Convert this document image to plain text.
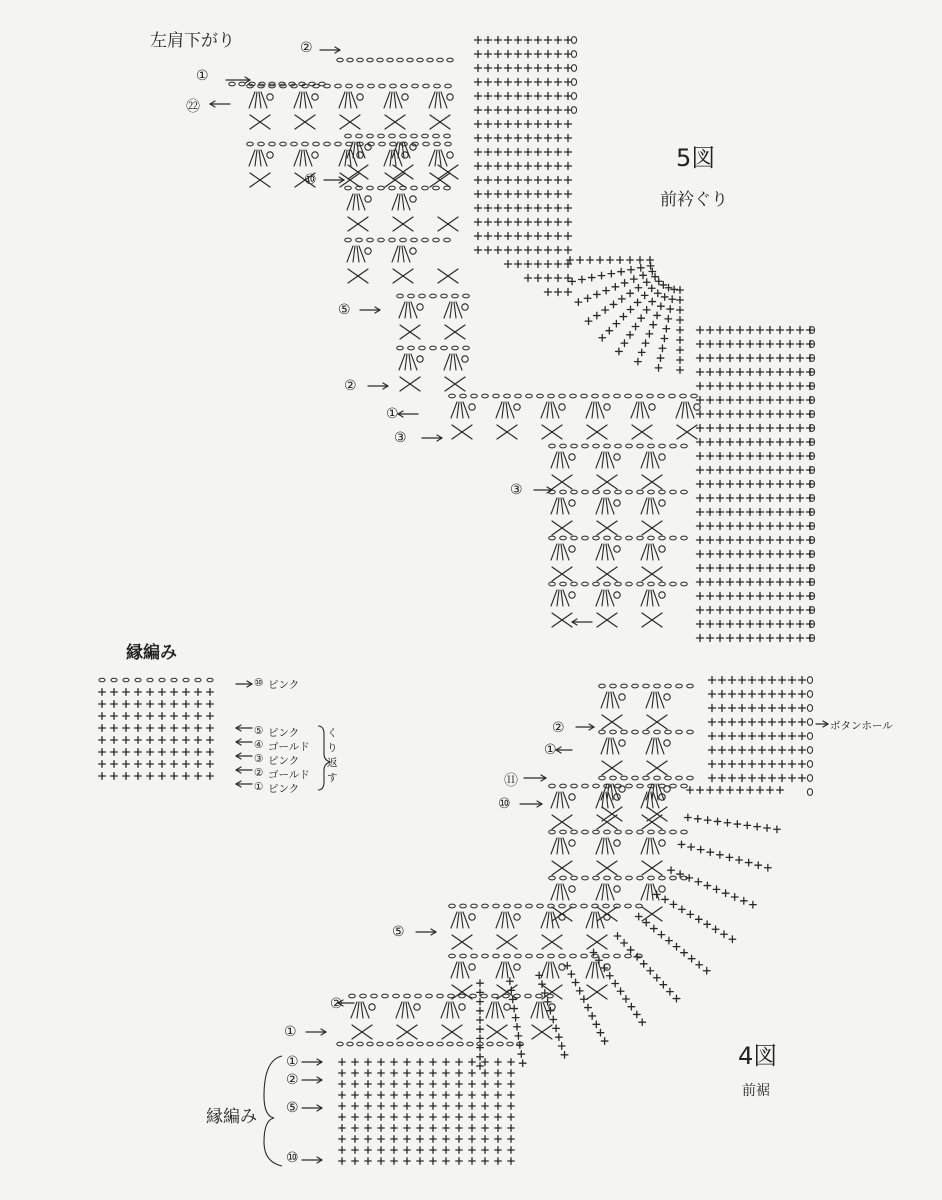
左肩下がり
5図
前衿ぐり
4図
前裾
ボタンホール
縁編み
縁編み
②
①
㉒
⑩
⑤
②
①
③
③
②
①
⑪
⑩
⑤
②
①
①
②
⑤
⑩
⑩ ピンク
⑤ ピンク
④ ゴールド
③ ピンク
② ゴールド
① ピンク
くり返す
